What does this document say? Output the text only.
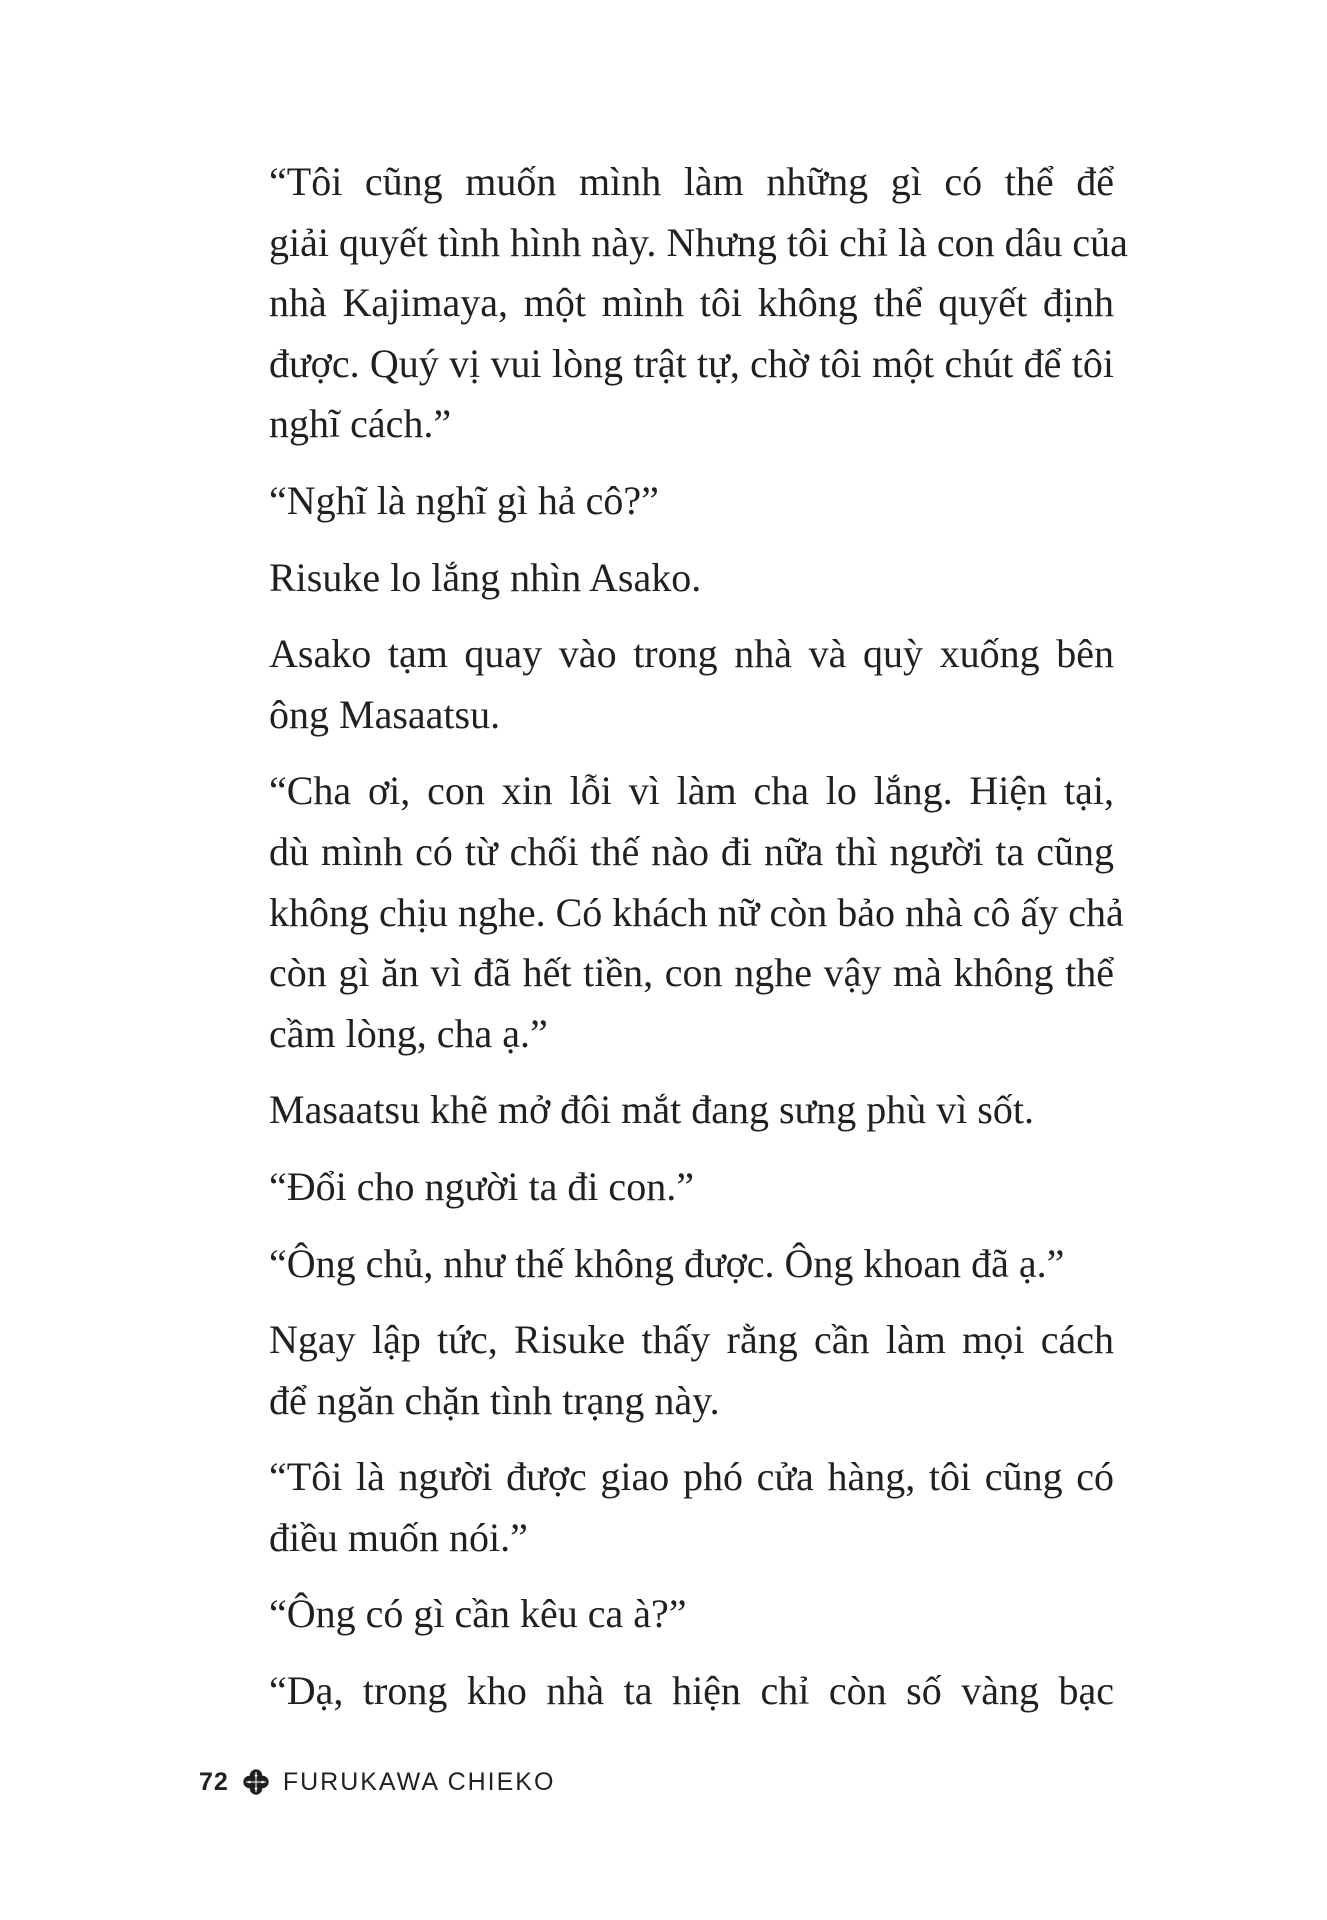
“Tôi cũng muốn mình làm những gì có thể để
giải quyết tình hình này. Nhưng tôi chỉ là con dâu của
nhà Kajimaya, một mình tôi không thể quyết định
được. Quý vị vui lòng trật tự, chờ tôi một chút để tôi
nghĩ cách.”

“Nghĩ là nghĩ gì hả cô?”

Risuke lo lắng nhìn Asako.

Asako tạm quay vào trong nhà và quỳ xuống bên
ông Masaatsu.

“Cha ơi, con xin lỗi vì làm cha lo lắng. Hiện tại,
dù mình có từ chối thế nào đi nữa thì người ta cũng
không chịu nghe. Có khách nữ còn bảo nhà cô ấy chả
còn gì ăn vì đã hết tiền, con nghe vậy mà không thể
cầm lòng, cha ạ.”

Masaatsu khẽ mở đôi mắt đang sưng phù vì sốt.

“Đổi cho người ta đi con.”

“Ông chủ, như thế không được. Ông khoan đã ạ.”

Ngay lập tức, Risuke thấy rằng cần làm mọi cách
để ngăn chặn tình trạng này.

“Tôi là người được giao phó cửa hàng, tôi cũng có
điều muốn nói.”

“Ông có gì cần kêu ca à?”

“Dạ, trong kho nhà ta hiện chỉ còn số vàng bạc

72 FURUKAWA CHIEKO
